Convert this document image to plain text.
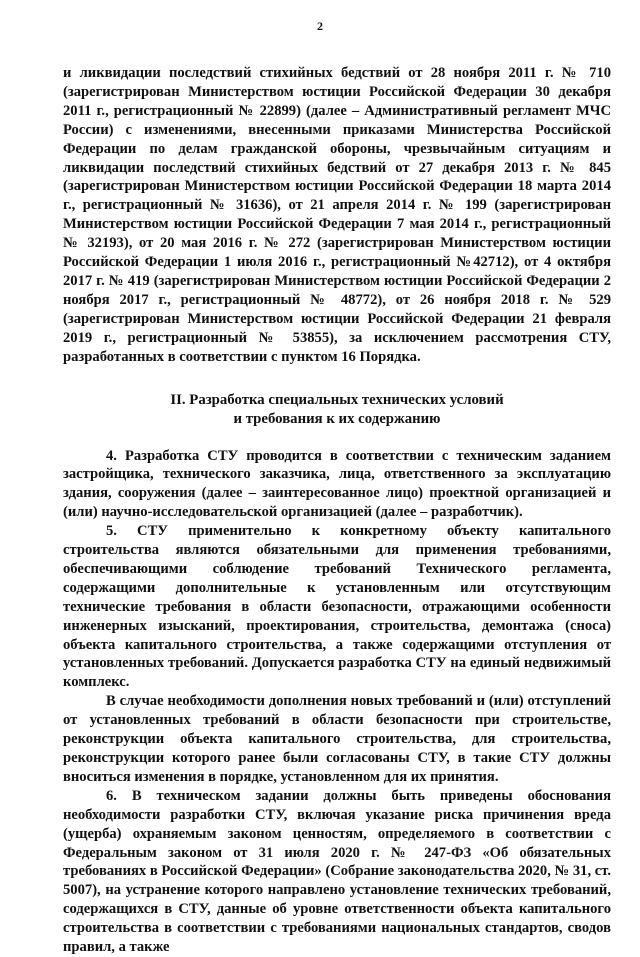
2

и ликвидации последствий стихийных бедствий от 28 ноября 2011 г. № 710 (зарегистрирован Министерством юстиции Российской Федерации 30 декабря 2011 г., регистрационный № 22899) (далее – Административный регламент МЧС России) с изменениями, внесенными приказами Министерства Российской Федерации по делам гражданской обороны, чрезвычайным ситуациям и ликвидации последствий стихийных бедствий от 27 декабря 2013 г. № 845 (зарегистрирован Министерством юстиции Российской Федерации 18 марта 2014 г., регистрационный № 31636), от 21 апреля 2014 г. № 199 (зарегистрирован Министерством юстиции Российской Федерации 7 мая 2014 г., регистрационный № 32193), от 20 мая 2016 г. № 272 (зарегистрирован Министерством юстиции Российской Федерации 1 июля 2016 г., регистрационный №42712), от 4 октября 2017 г. № 419 (зарегистрирован Министерством юстиции Российской Федерации 2 ноября 2017 г., регистрационный № 48772), от 26 ноября 2018 г. № 529 (зарегистрирован Министерством юстиции Российской Федерации 21 февраля 2019 г., регистрационный № 53855), за исключением рассмотрения СТУ, разработанных в соответствии с пунктом 16 Порядка.

II. Разработка специальных технических условий
и требования к их содержанию

4. Разработка СТУ проводится в соответствии с техническим заданием застройщика, технического заказчика, лица, ответственного за эксплуатацию здания, сооружения (далее – заинтересованное лицо) проектной организацией и (или) научно-исследовательской организацией (далее – разработчик).

5. СТУ применительно к конкретному объекту капитального строительства являются обязательными для применения требованиями, обеспечивающими соблюдение требований Технического регламента, содержащими дополнительные к установленным или отсутствующим технические требования в области безопасности, отражающими особенности инженерных изысканий, проектирования, строительства, демонтажа (сноса) объекта капитального строительства, а также содержащими отступления от установленных требований. Допускается разработка СТУ на единый недвижимый комплекс.

В случае необходимости дополнения новых требований и (или) отступлений от установленных требований в области безопасности при строительстве, реконструкции объекта капитального строительства, для строительства, реконструкции которого ранее были согласованы СТУ, в такие СТУ должны вноситься изменения в порядке, установленном для их принятия.

6. В техническом задании должны быть приведены обоснования необходимости разработки СТУ, включая указание риска причинения вреда (ущерба) охраняемым законом ценностям, определяемого в соответствии с Федеральным законом от 31 июля 2020 г. № 247-ФЗ «Об обязательных требованиях в Российской Федерации» (Собрание законодательства 2020, № 31, ст. 5007), на устранение которого направлено установление технических требований, содержащихся в СТУ, данные об уровне ответственности объекта капитального строительства в соответствии с требованиями национальных стандартов, сводов правил, а также
